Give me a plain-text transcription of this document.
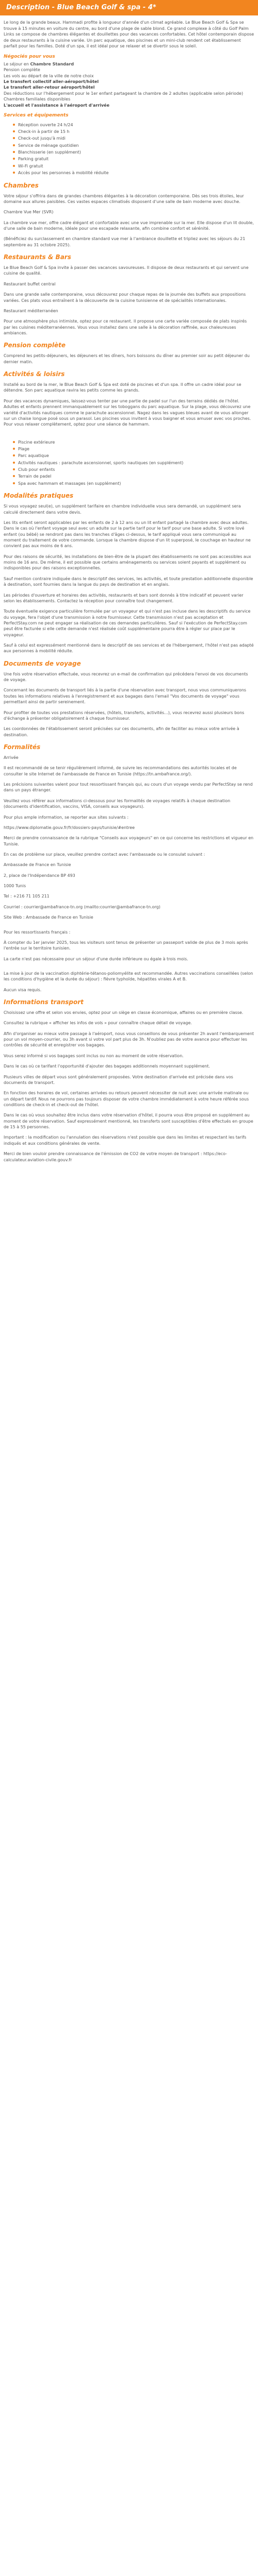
Description - Blue Beach Golf & spa - 4*

Le long de la grande beaux. Hammadi profite à longueur d'année d'un climat agréable. Le Blue Beach Golf & Spa se trouve à 15 minutes en voiture du centre, au bord d'une plage de sable blond. Ce grand complexe à côté du Golf Palm Links se compose de chambres élégantes et douillettes pour des vacances confortables. Cet hôtel contemporain dispose de deux restaurants à la cuisine variée. Un parc aquatique, des piscines et un mini-club rendent cet établissement parfait pour les familles. Doté d'un spa, il est idéal pour se relaxer et se divertir sous le soleil.

Négociés pour vous

Le séjour en Chambre Standard

Pension complète

Les vols au départ de la ville de notre choix

Le transfert collectif aller-aéroport/hôtel

Le transfert aller-retour aéroport/hôtel

Des réductions sur l'hébergement pour le 1er enfant partageant la chambre de 2 adultes (applicable selon période)

Chambres familiales disponibles

L'accueil et l'assistance à l'aéroport d'arrivée

Services et équipements
Réception ouverte 24 h/24
Check-in à partir de 15 h
Check-out jusqu'à midi
Service de ménage quotidien
Blanchisserie (en supplément)
Parking gratuit
Wi-Fi gratuit
Accès pour les personnes à mobilité réduite
Chambres

Votre séjour s'offrira dans de grandes chambres élégantes à la décoration contemporaine. Dès ses trois étoiles, leur domaine aux allures paisibles. Ces vastes espaces climatisés disposent d'une salle de bain moderne avec douche.

Chambre Vue Mer (SVR)

La chambre vue mer, offre cadre élégant et confortable avec une vue imprenable sur la mer. Elle dispose d'un lit double, d'une salle de bain moderne, idéale pour une escapade relaxante, afin combine confort et sérénité.

(Bénéficiez du surclassement en chambre standard vue mer à l'ambiance douillette et tripliez avec les séjours du 21 septembre au 31 octobre 2025).

Restaurants & Bars

Le Blue Beach Golf & Spa invite à passer des vacances savoureuses. Il dispose de deux restaurants et qui servent une cuisine de qualité.

Restaurant buffet central

Dans une grande salle contemporaine, vous découvrez pour chaque repas de la journée des buffets aux propositions variées. Ces plats vous entraînent à la découverte de la cuisine tunisienne et de spécialités internationales.

Restaurant méditerranéen

Pour une atmosphère plus intimiste, optez pour ce restaurant. Il propose une carte variée composée de plats inspirés par les cuisines méditerranéennes. Vous vous installez dans une salle à la décoration raffinée, aux chaleureuses ambiances.

Pension complète

Comprend les petits-déjeuners, les déjeuners et les dîners, hors boissons du dîner au premier soir au petit déjeuner du dernier matin.

Activités & loisirs

Installé au bord de la mer, le Blue Beach Golf & Spa est doté de piscines et d'un spa. Il offre un cadre idéal pour se détendre. Son parc aquatique ravira les petits comme les grands.

Pour des vacances dynamiques, laissez-vous tenter par une partie de padel sur l'un des terrains dédiés de l'hôtel. Adultes et enfants prennent immanquablement sur les toboggans du parc aquatique. Sur la plage, vous découvrez une variété d'activités nautiques comme le parachute ascensionnel. Nagez dans les vagues bleues avant de vous allonger sur un chaise longue posé sous un parasol. Les piscines vous invitent à vous baigner et vous amuser avec vos proches. Pour vous relaxer complètement, optez pour une séance de hammam.

Piscine extérieure
Plage
Parc aquatique
Activités nautiques : parachute ascensionnel, sports nautiques (en supplément)
Club pour enfants
Terrain de padel
Spa avec hammam et massages (en supplément)
Modalités pratiques

Si vous voyagez seul(e), un supplément tarifaire en chambre individuelle vous sera demandé, un supplément sera calculé directement dans votre devis.

Les lits enfant seront applicables par les enfants de 2 à 12 ans ou un lit enfant partagé la chambre avec deux adultes. Dans le cas où l'enfant voyage seul avec un adulte sur la partie tarif pour le tarif pour une base adulte. Si votre lové enfant (ou bébé) se rendront pas dans les tranches d'âges ci-dessus, le tarif appliqué vous sera communiqué au moment du traitement de votre commande. Lorsque la chambre dispose d'un lit superposé, le couchage en hauteur ne convient pas aux moins de 6 ans.

Pour des raisons de sécurité, les installations de bien-être de la plupart des établissements ne sont pas accessibles aux moins de 16 ans. De même, il est possible que certains aménagements ou services soient payants et supplément ou indisponibles pour des raisons exceptionnelles.

Sauf mention contraire indiquée dans le descriptif des services, les activités, et toute prestation additionnelle disponible à destination, sont fournies dans la langue du pays de destination et en anglais.

Les périodes d'ouverture et horaires des activités, restaurants et bars sont donnés à titre indicatif et peuvent varier selon les établissements. Contactez la réception pour connaître tout changement.

Toute éventuelle exigence particulière formulée par un voyageur et qui n'est pas incluse dans les descriptifs du service du voyage, fera l'objet d'une transmission à notre fournisseur. Cette transmission n'est pas acceptation et PerfectStay.com ne peut engager sa réalisation de ces demandes particulières. Sauf si l'exécution de PerfectStay.com peut être facturée si elle cette demande n'est réalisée coût supplémentaire pourra être à régler sur place par le voyageur.

Sauf à celui est expressément mentionné dans le descriptif de ses services et de l'hébergement, l'hôtel n'est pas adapté aux personnes à mobilité réduite.

Documents de voyage

Une fois votre réservation effectuée, vous recevrez un e-mail de confirmation qui précédera l'envoi de vos documents de voyage.

Concernant les documents de transport liés à la partie d'une réservation avec transport, nous vous communiquerons toutes les informations relatives à l'enregistrement et aux bagages dans l'email "Vos documents de voyage" vous permettant ainsi de partir sereinement.

Pour profiter de toutes vos prestations réservées, (hôtels, transferts, activités...), vous recevrez aussi plusieurs bons d'échange à présenter obligatoirement à chaque fournisseur.

Les coordonnées de l'établissement seront précisées sur ces documents, afin de faciliter au mieux votre arrivée à destination.

Formalités

Arrivée

Il est recommandé de se tenir régulièrement informé, de suivre les recommandations des autorités locales et de consulter le site Internet de l'ambassade de France en Tunisie (https://tn.ambafrance.org/).

Les précisions suivantes valent pour tout ressortissant français qui, au cours d'un voyage vendu par PerfectStay se rend dans un pays étranger.

Veuillez vous référer aux informations ci-dessous pour les formalités de voyages relatifs à chaque destination (documents d'identification, vaccins, VISA, conseils aux voyageurs).

Pour plus ample information, se reporter aux sites suivants :

https://www.diplomatie.gouv.fr/fr/dossiers-pays/tunisie/#entree

Merci de prendre connaissance de la rubrique "Conseils aux voyageurs" en ce qui concerne les restrictions et vigueur en Tunisie.

En cas de problème sur place, veuillez prendre contact avec l'ambassade ou le consulat suivant :

Ambassade de France en Tunisie

2, place de l'Indépendance BP 493

1000 Tunis

Tel : +216 71 105 211

Courriel : courrier@ambafrance-tn.org (mailto:courrier@ambafrance-tn.org)

Site Web : Ambassade de France en Tunisie

Pour les ressortissants français :

À compter du 1er janvier 2025, tous les visiteurs sont tenus de présenter un passeport valide de plus de 3 mois après l'entrée sur le territoire tunisien.

La carte n'est pas nécessaire pour un séjour d'une durée inférieure ou égale à trois mois.

La mise à jour de la vaccination diphtérie-tétanos-poliomyélite est recommandée. Autres vaccinations conseillées (selon les conditions d'hygiène et la durée du séjour) : fièvre typhoïde, hépatites virales A et B.

Aucun visa requis.

Informations transport

Choisissez une offre et selon vos envies, optez pour un siège en classe économique, affaires ou en première classe.

Consultez la rubrique « afficher les infos de vols » pour connaître chaque détail de voyage.

Afin d'organiser au mieux votre passage à l'aéroport, nous vous conseillons de vous présenter 2h avant l'embarquement pour un vol moyen-courrier, ou 3h avant si votre vol part plus de 3h. N'oubliez pas de votre avance pour effectuer les contrôles de sécurité et enregistrer vos bagages.

Vous serez informé si vos bagages sont inclus ou non au moment de votre réservation.

Dans le cas où ce tarifant l'opportunité d'ajouter des bagages additionnels moyennant supplément.

Plusieurs villes de départ vous sont généralement proposées. Votre destination d'arrivée est précisée dans vos documents de transport.

En fonction des horaires de vol, certaines arrivées ou retours peuvent nécessiter de nuit avec une arrivée matinale ou un départ tardif. Nous ne pourrons pas toujours disposer de votre chambre immédiatement à votre heure référée sous conditions de check-in et check-out de l'hôtel.

Dans le cas où vous souhaitez être inclus dans votre réservation d'hôtel, il pourra vous être proposé en supplément au moment de votre réservation. Sauf expressément mentionné, les transferts sont susceptibles d'être effectués en groupe de 15 à 55 personnes.

Important : la modification ou l'annulation des réservations n'est possible que dans les limites et respectant les tarifs indiqués et aux conditions générales de vente.

Merci de bien vouloir prendre connaissance de l'émission de CO2 de votre moyen de transport : https://eco-calculateur.aviation-civile.gouv.fr
